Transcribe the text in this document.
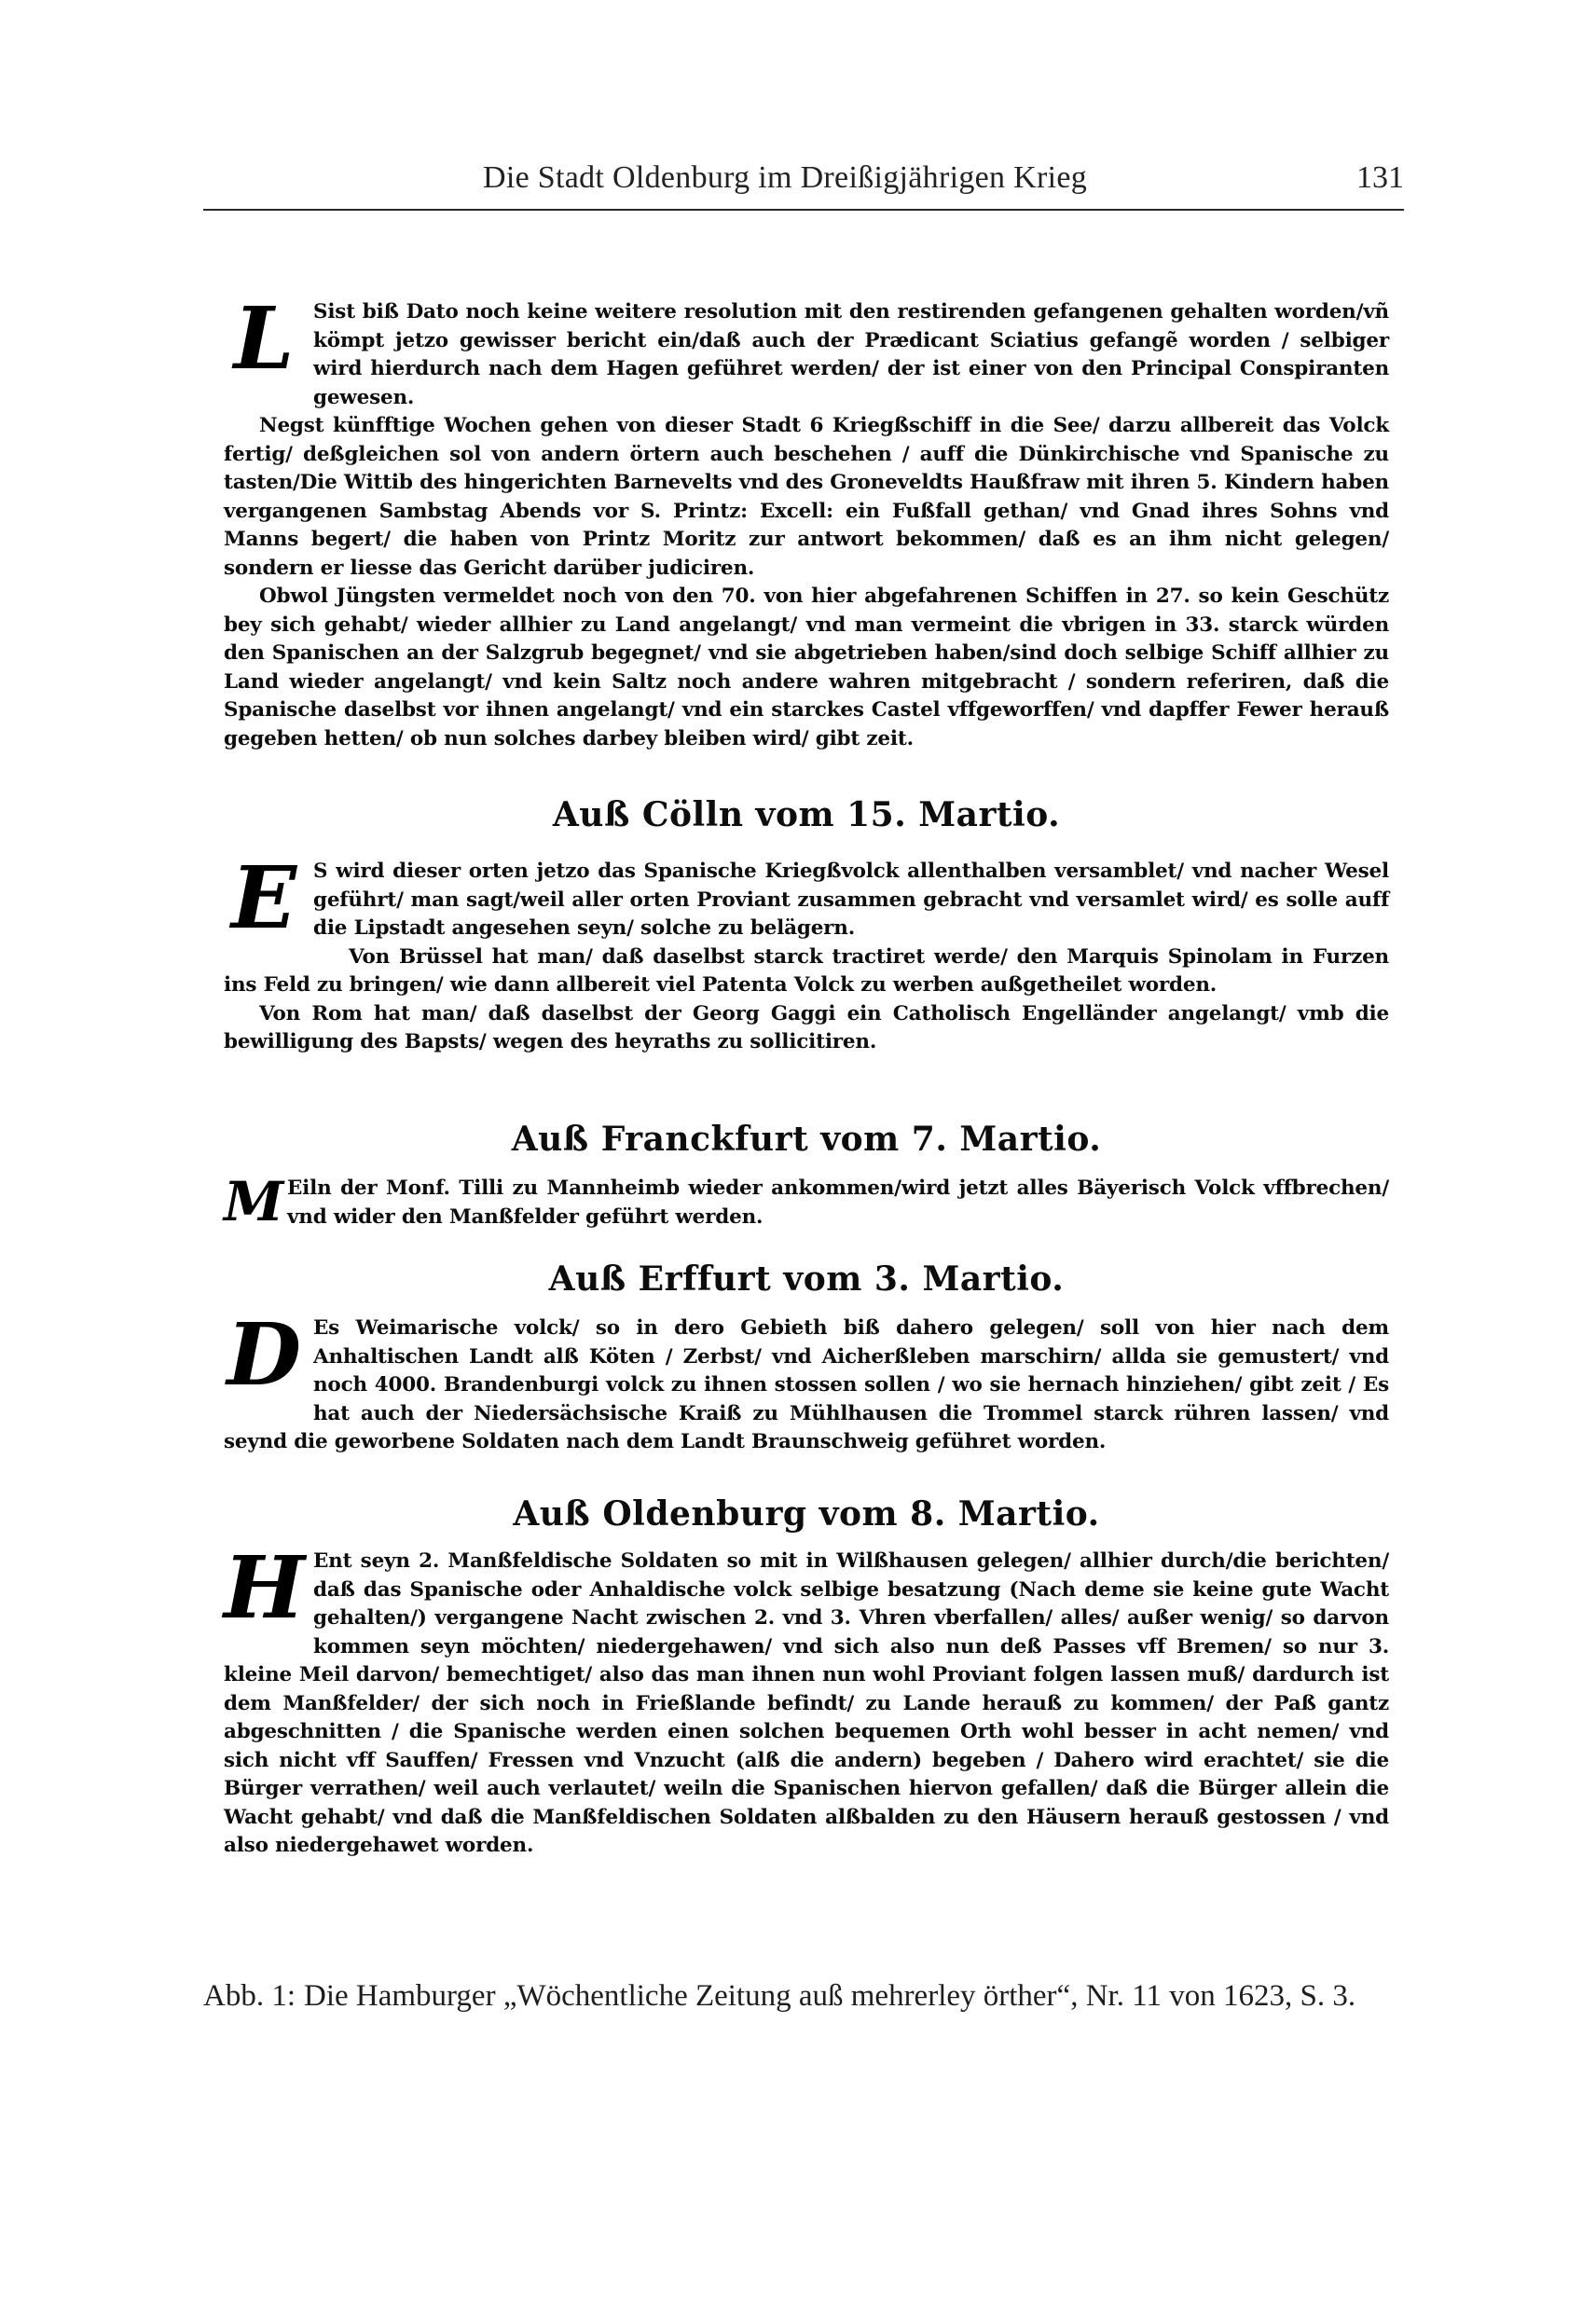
Die Stadt Oldenburg im Dreißigjährigen Krieg	131
L Sist biß Dato noch keine weitere resolution mit den restirenden gefangenen gehalten worden/vñ kömpt jetzo gewisser bericht ein/daß auch der Prædicant Sciatius gefangẽ worden / selbiger wird hierdurch nach dem Hagen geführet werden/ der ist einer von den Principal Conspiranten gewesen.
Negst künfftige Wochen gehen von dieser Stadt 6 Kriegßschiff in die See/ darzu allbereit das Volck fertig/ deßgleichen sol von andern örtern auch beschehen / auff die Dünkirchische vnd Spanische zu tasten/Die Wittib des hingerichten Barnevelts vnd des Groneveldts Haußfraw mit ihren 5. Kindern haben vergangenen Sambstag Abends vor S. Printz: Excell: ein Fußfall gethan/ vnd Gnad ihres Sohns vnd Manns begert/ die haben von Printz Moritz zur antwort bekommen/ daß es an ihm nicht gelegen/ sondern er liesse das Gericht darüber judiciren.
Obwol Jüngsten vermeldet noch von den 70. von hier abgefahrenen Schiffen in 27. so kein Geschütz bey sich gehabt/ wieder allhier zu Land angelangt/ vnd man vermeint die vbrigen in 33. starck würden den Spanischen an der Salzgrub begegnet/ vnd sie abgetrieben haben/sind doch selbige Schiff allhier zu Land wieder angelangt/ vnd kein Saltz noch andere wahren mitgebracht / sondern referiren, daß die Spanische daselbst vor ihnen angelangt/ vnd ein starckes Castel vffgeworffen/ vnd dapffer Fewer herauß gegeben hetten/ ob nun solches darbey bleiben wird/ gibt zeit.
Auß Cölln vom 15. Martio.
E S wird dieser orten jetzo das Spanische Kriegßvolck allenthalben versamblet/ vnd nacher Wesel geführt/ man sagt/weil aller orten Proviant zusammen gebracht vnd versamlet wird/ es solle auff die Lipstadt angesehen seyn/ solche zu belägern.
Von Brüssel hat man/ daß daselbst starck tractiret werde/ den Marquis Spinolam in Furzen ins Feld zu bringen/ wie dann allbereit viel Patenta Volck zu werben außgetheilet worden.
Von Rom hat man/ daß daselbst der Georg Gaggi ein Catholisch Engelländer angelangt/ vmb die bewilligung des Bapsts/ wegen des heyraths zu sollicitiren.
Auß Franckfurt vom 7. Martio.
M Eiln der Monf. Tilli zu Mannheimb wieder ankommen/wird jetzt alles Bäyerisch Volck vffbrechen/ vnd wider den Manßfelder geführt werden.
Auß Erffurt vom 3. Martio.
D Es Weimarische volck/ so in dero Gebieth biß dahero gelegen/ soll von hier nach dem Anhaltischen Landt alß Köten / Zerbst/ vnd Aicherßleben marschirn/ allda sie gemustert/ vnd noch 4000. Brandenburgi volck zu ihnen stossen sollen / wo sie hernach hinziehen/ gibt zeit / Es hat auch der Niedersächsische Kraiß zu Mühlhausen die Trommel starck rühren lassen/ vnd seynd die geworbene Soldaten nach dem Landt Braunschweig geführet worden.
Auß Oldenburg vom 8. Martio.
H Ent seyn 2. Manßfeldische Soldaten so mit in Wilßhausen gelegen/ allhier durch/die berichten/ daß das Spanische oder Anhaldische volck selbige besatzung (Nach deme sie keine gute Wacht gehalten/) vergangene Nacht zwischen 2. vnd 3. Vhren vberfallen/ alles/ außer wenig/ so darvon kommen seyn möchten/ niedergehawen/ vnd sich also nun deß Passes vff Bremen/ so nur 3. kleine Meil darvon/ bemechtiget/ also das man ihnen nun wohl Proviant folgen lassen muß/ dardurch ist dem Manßfelder/ der sich noch in Frießlande befindt/ zu Lande herauß zu kommen/ der Paß gantz abgeschnitten / die Spanische werden einen solchen bequemen Orth wohl besser in acht nemen/ vnd sich nicht vff Sauffen/ Fressen vnd Vnzucht (alß die andern) begeben / Dahero wird erachtet/ sie die Bürger verrathen/ weil auch verlautet/ weiln die Spanischen hiervon gefallen/ daß die Bürger allein die Wacht gehabt/ vnd daß die Manßfeldischen Soldaten alßbalden zu den Häusern herauß gestossen / vnd also niedergehawet worden.
Abb. 1: Die Hamburger „Wöchentliche Zeitung auß mehrerley örther“, Nr. 11 von 1623, S. 3.
